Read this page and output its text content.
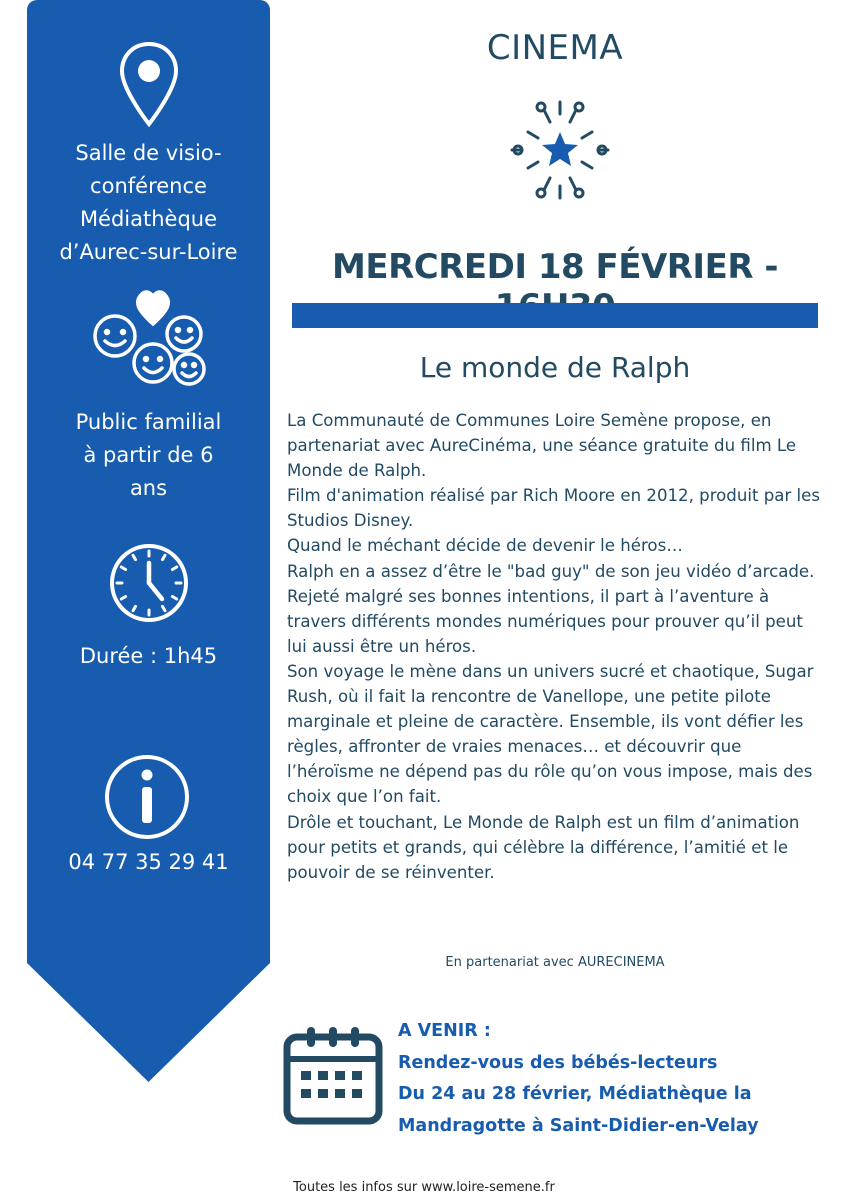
Salle de visio-
conférence
Médiathèque
d’Aurec-sur-Loire
Public familial
à partir de 6
ans
Durée : 1h45
04 77 35 29 41
CINEMA
MERCREDI 18 FÉVRIER -
Le monde de Ralph

La Communauté de Communes Loire Semène propose, en partenariat avec AureCinéma, une séance gratuite du film Le Monde de Ralph.

Film d'animation réalisé par Rich Moore en 2012, produit par les Studios Disney.

Quand le méchant décide de devenir le héros…

Ralph en a assez d’être le "bad guy" de son jeu vidéo d’arcade. Rejeté malgré ses bonnes intentions, il part à l’aventure à travers différents mondes numériques pour prouver qu’il peut lui aussi être un héros.

Son voyage le mène dans un univers sucré et chaotique, Sugar Rush, où il fait la rencontre de Vanellope, une petite pilote marginale et pleine de caractère. Ensemble, ils vont défier les règles, affronter de vraies menaces… et découvrir que l’héroïsme ne dépend pas du rôle qu’on vous impose, mais des choix que l’on fait.

Drôle et touchant, Le Monde de Ralph est un film d’animation pour petits et grands, qui célèbre la différence, l’amitié et le pouvoir de se réinventer.

En partenariat avec AURECINEMA
A VENIR :
Rendez-vous des bébés-lecteurs
Du 24 au 28 février, Médiathèque la
Mandragotte à Saint-Didier-en-Velay
Toutes les infos sur www.loire-semene.fr
